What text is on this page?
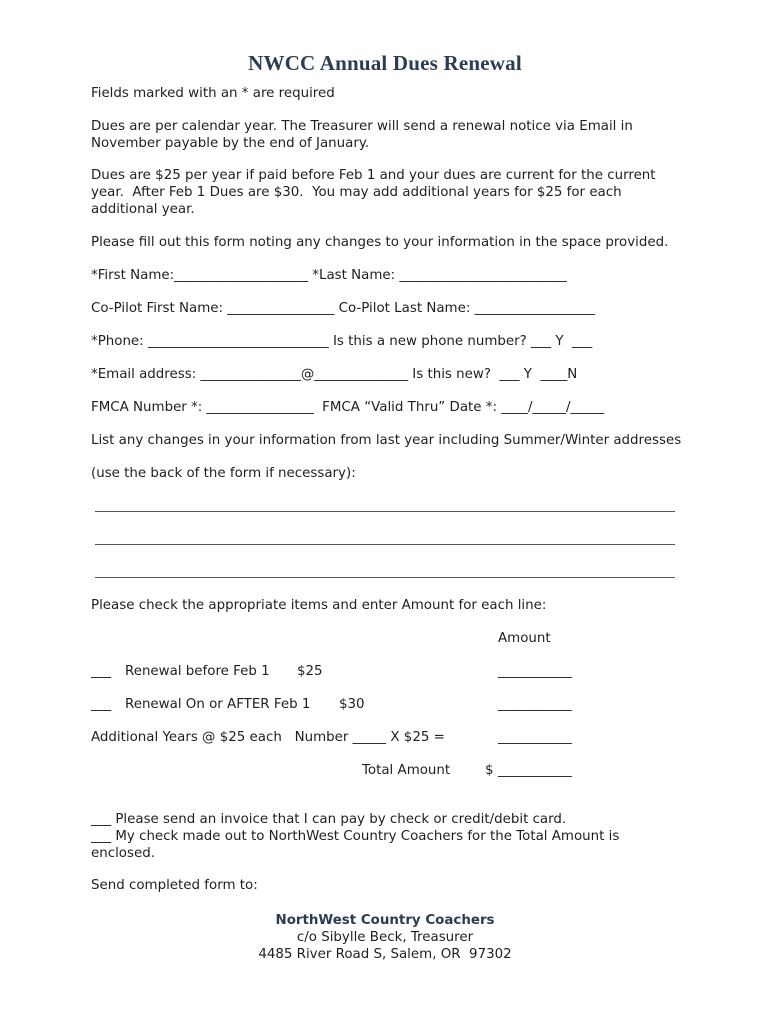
NWCC Annual Dues Renewal
Fields marked with an * are required
Dues are per calendar year. The Treasurer will send a renewal notice via Email in
November payable by the end of January.
Dues are $25 per year if paid before Feb 1 and your dues are current for the current
year.  After Feb 1 Dues are $30.  You may add additional years for $25 for each
additional year.
Please fill out this form noting any changes to your information in the space provided.
*First Name:____________________ *Last Name: _________________________
Co-Pilot First Name: ________________ Co-Pilot Last Name: __________________
*Phone: ___________________________ Is this a new phone number? ___ Y  ___
*Email address: _______________@______________ Is this new?  ___ Y  ____N
FMCA Number *: ________________  FMCA “Valid Thru” Date *: ____/_____/_____
List any changes in your information from last year including Summer/Winter addresses
(use the back of the form if necessary):
Please check the appropriate items and enter Amount for each line:
Amount
___ Renewal before Feb 1 $25	___________
___ Renewal On or AFTER Feb 1 $30	___________
Additional Years @ $25 each   Number _____ X $25 =	___________
Total Amount	$ ___________
___ Please send an invoice that I can pay by check or credit/debit card.
___ My check made out to NorthWest Country Coachers for the Total Amount is
enclosed.
Send completed form to:
NorthWest Country Coachers
c/o Sibylle Beck, Treasurer
4485 River Road S, Salem, OR  97302
